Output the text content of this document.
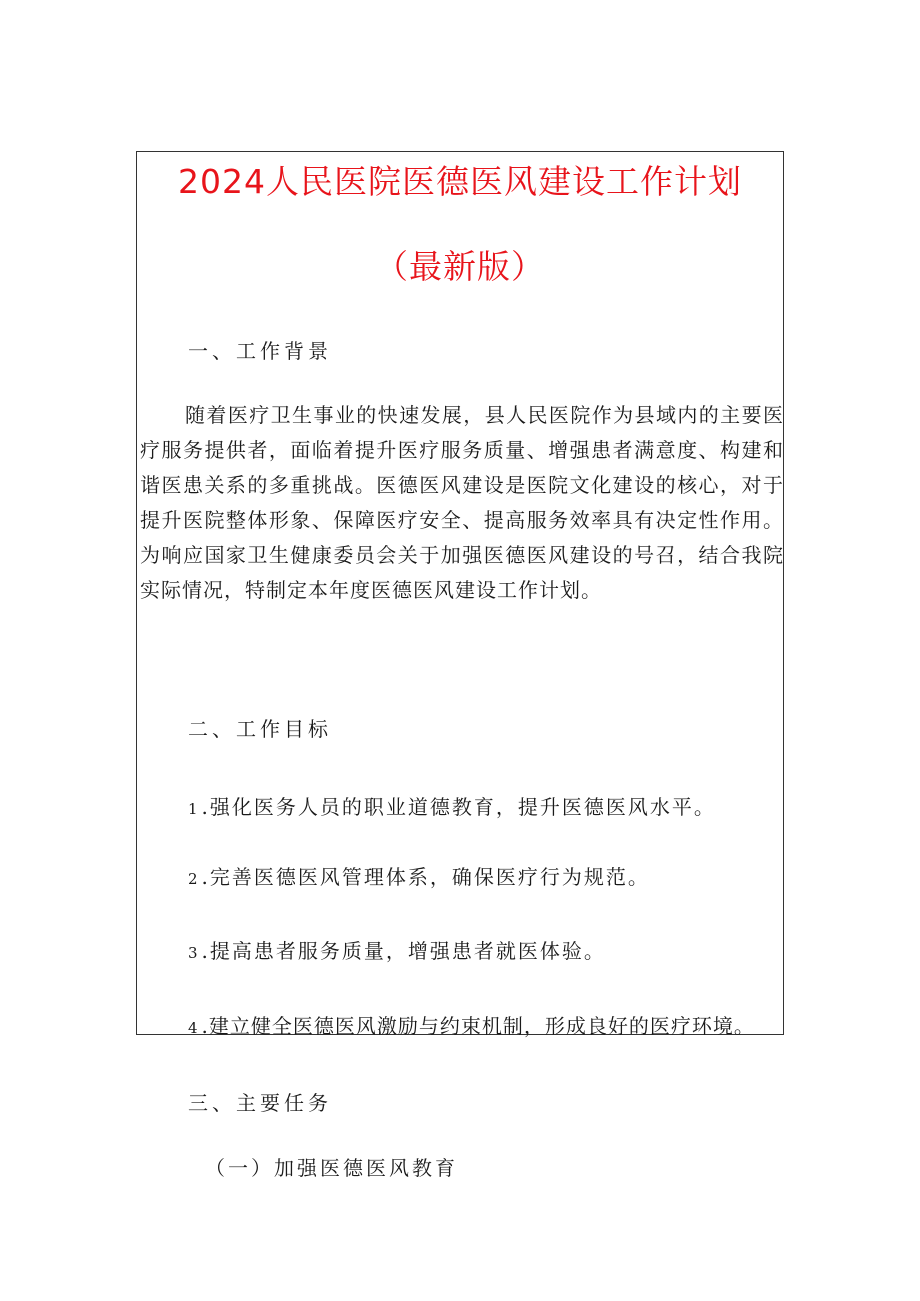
2024人民医院医德医风建设工作计划
（最新版）
一、工作背景

随着医疗卫生事业的快速发展，县人民医院作为县域内的主要医疗服务提供者，面临着提升医疗服务质量、增强患者满意度、构建和谐医患关系的多重挑战。医德医风建设是医院文化建设的核心，对于提升医院整体形象、保障医疗安全、提高服务效率具有决定性作用。为响应国家卫生健康委员会关于加强医德医风建设的号召，结合我院实际情况，特制定本年度医德医风建设工作计划。

二、工作目标

1 .强化医务人员的职业道德教育，提升医德医风水平。

2 .完善医德医风管理体系，确保医疗行为规范。

3 .提高患者服务质量，增强患者就医体验。

4 .建立健全医德医风激励与约束机制，形成良好的医疗环境。

三、主要任务

（一）加强医德医风教育
